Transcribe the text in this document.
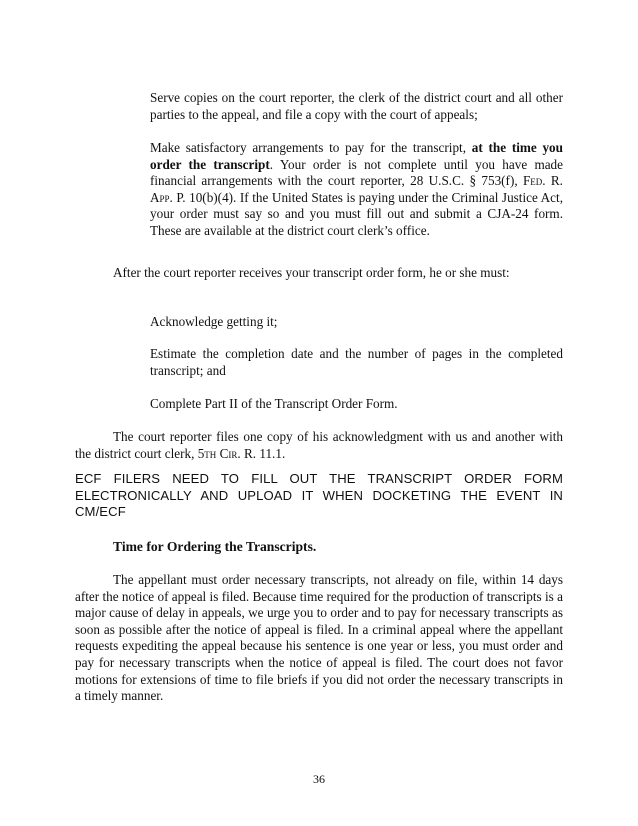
Serve copies on the court reporter, the clerk of the district court and all other parties to the appeal, and file a copy with the court of appeals;
Make satisfactory arrangements to pay for the transcript, at the time you order the transcript. Your order is not complete until you have made financial arrangements with the court reporter, 28 U.S.C. § 753(f), Fed. R. App. P. 10(b)(4). If the United States is paying under the Criminal Justice Act, your order must say so and you must fill out and submit a CJA-24 form. These are available at the district court clerk’s office.
After the court reporter receives your transcript order form, he or she must:
Acknowledge getting it;
Estimate the completion date and the number of pages in the completed transcript; and
Complete Part II of the Transcript Order Form.
The court reporter files one copy of his acknowledgment with us and another with the district court clerk, 5th Cir. R. 11.1.
ECF FILERS NEED TO FILL OUT THE TRANSCRIPT ORDER FORM ELECTRONICALLY AND UPLOAD IT WHEN DOCKETING THE EVENT IN CM/ECF
Time for Ordering the Transcripts.
The appellant must order necessary transcripts, not already on file, within 14 days after the notice of appeal is filed. Because time required for the production of transcripts is a major cause of delay in appeals, we urge you to order and to pay for necessary transcripts as soon as possible after the notice of appeal is filed. In a criminal appeal where the appellant requests expediting the appeal because his sentence is one year or less, you must order and pay for necessary transcripts when the notice of appeal is filed. The court does not favor motions for extensions of time to file briefs if you did not order the necessary transcripts in a timely manner.
36
